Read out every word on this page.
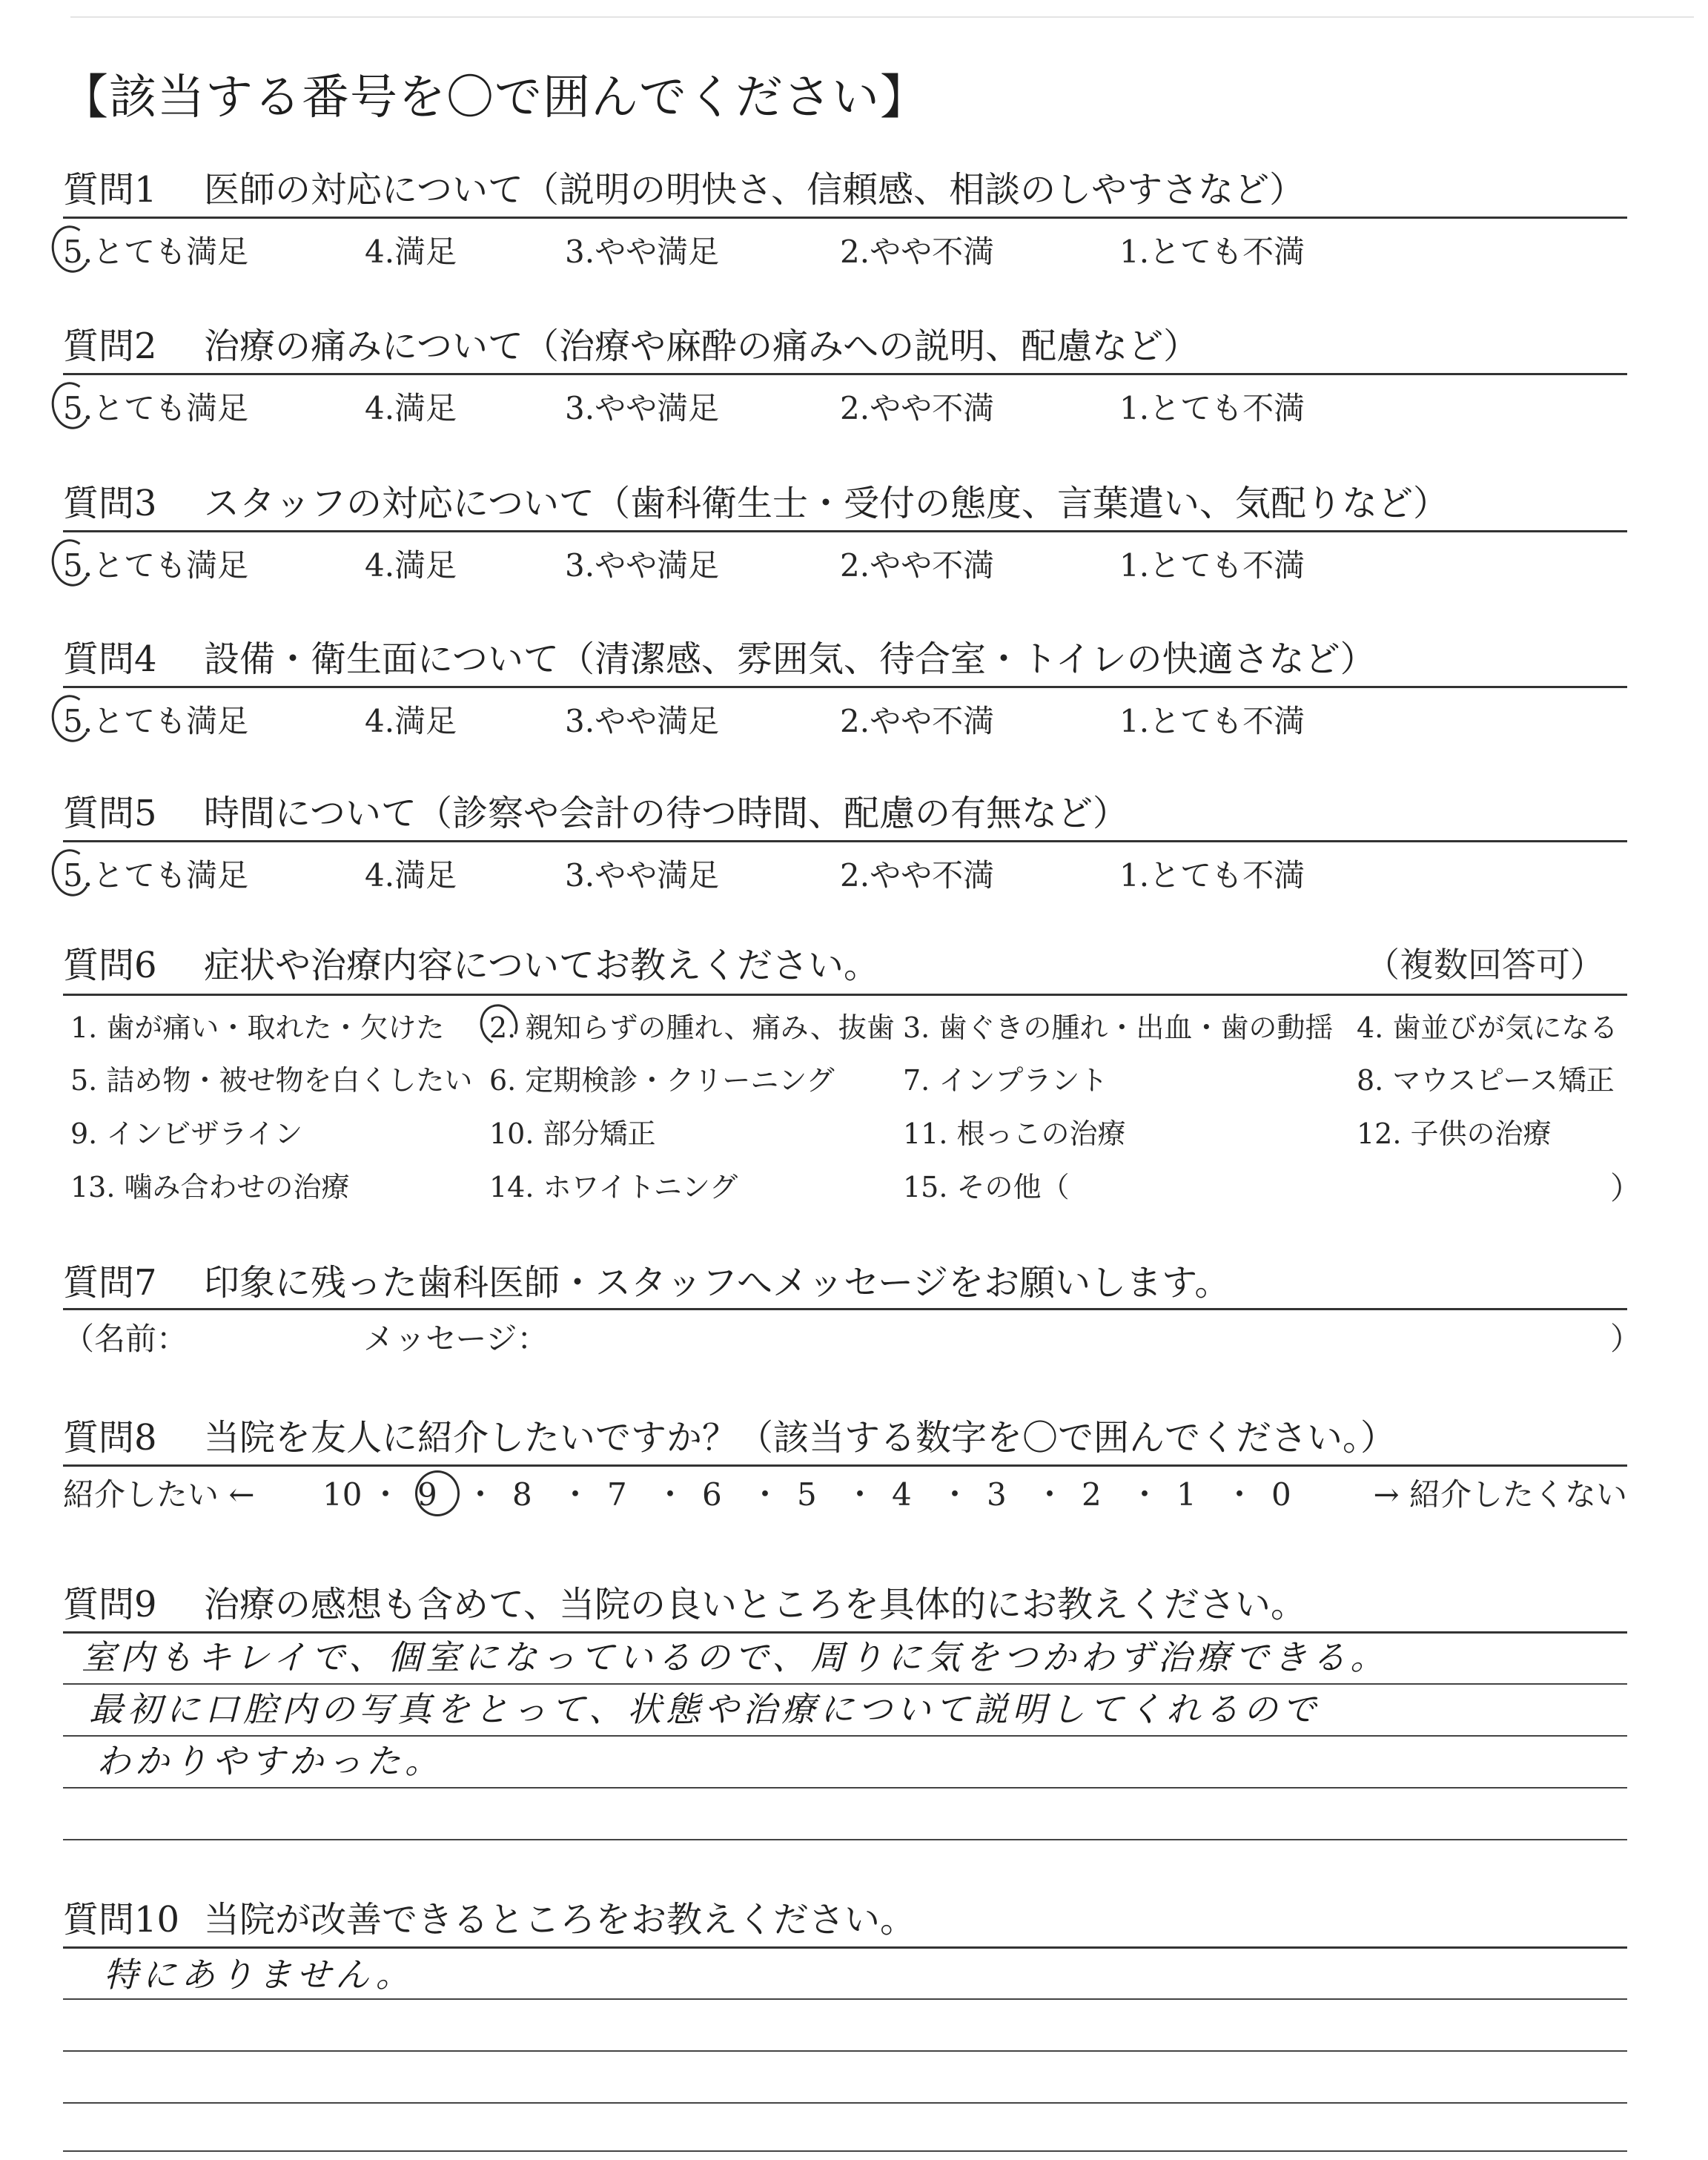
【該当する番号を〇で囲んでください】
質問1 医師の対応について（説明の明快さ、信頼感、相談のしやすさなど）
5.とても満足	4.満足	3.やや満足	2.やや不満	1.とても不満
質問2 治療の痛みについて（治療や麻酔の痛みへの説明、配慮など）
5.とても満足	4.満足	3.やや満足	2.やや不満	1.とても不満
質問3 スタッフの対応について（歯科衛生士・受付の態度、言葉遣い、気配りなど）
5.とても満足	4.満足	3.やや満足	2.やや不満	1.とても不満
質問4 設備・衛生面について（清潔感、雰囲気、待合室・トイレの快適さなど）
5.とても満足	4.満足	3.やや満足	2.やや不満	1.とても不満
質問5 時間について（診察や会計の待つ時間、配慮の有無など）
5.とても満足	4.満足	3.やや満足	2.やや不満	1.とても不満
質問6 症状や治療内容についてお教えください。	（複数回答可）
1. 歯が痛い・取れた・欠けた 2. 親知らずの腫れ、痛み、抜歯 3. 歯ぐきの腫れ・出血・歯の動揺 4. 歯並びが気になる
5. 詰め物・被せ物を白くしたい 6. 定期検診・クリーニング 7. インプラント	8. マウスピース矯正
9. インビザライン	10. 部分矯正	11. 根っこの治療	12. 子供の治療
13. 噛み合わせの治療	14. ホワイトニング	15. その他（	）
質問7 印象に残った歯科医師・スタッフへメッセージをお願いします。
（名前：	メッセージ：	）
質問8 当院を友人に紹介したいですか？（該当する数字を〇で囲んでください。）
紹介したい ←	→ 紹介したくない
10 ・ 9 ・ 8 ・ 7 ・ 6 ・ 5 ・ 4 ・ 3 ・ 2 ・ 1 ・ 0
質問9 治療の感想も含めて、当院の良いところを具体的にお教えください。
室内もキレイで、個室になっているので、周りに気をつかわず治療できる。
最初に口腔内の写真をとって、状態や治療について説明してくれるので
わかりやすかった。
質問10 当院が改善できるところをお教えください。
特にありません。
